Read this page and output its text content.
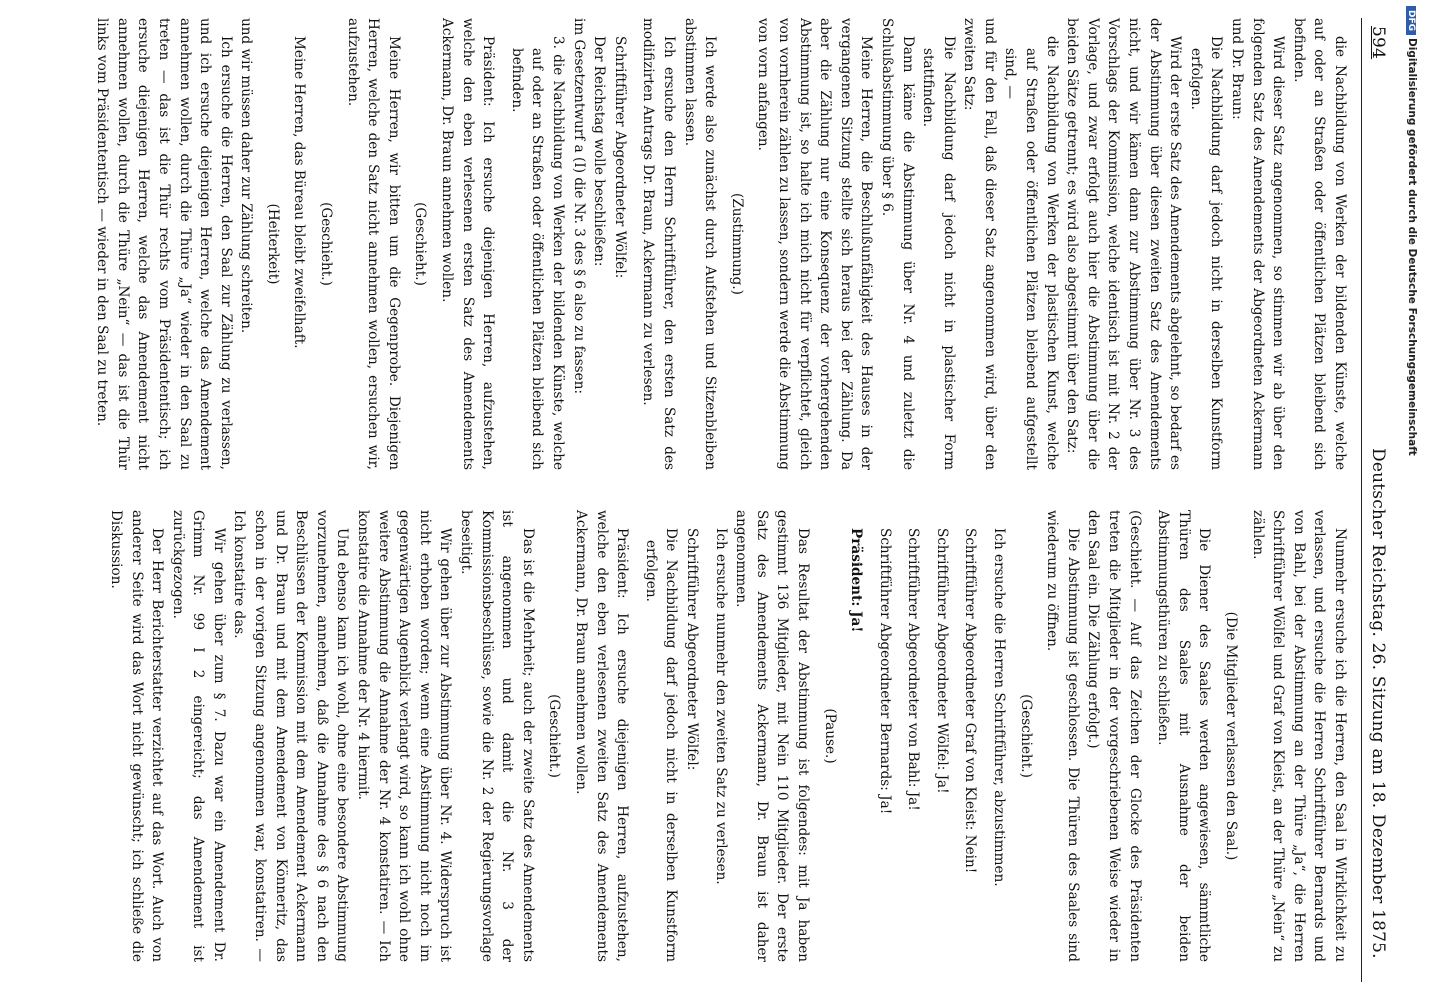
594
Deutscher Reichstag. 26. Sitzung am 18. Dezember 1875.

die Nachbildung von Werken der bildenden Künste, welche auf oder an Straßen oder öffentlichen Plätzen bleibend sich befinden.

Wird dieser Satz angenommen, so stimmen wir ab über den folgenden Satz des Amendements der Abgeordneten Ackermann und Dr. Braun:

Die Nachbildung darf jedoch nicht in derselben Kunstform erfolgen.

Wird der erste Satz des Amendements abgelehnt, so bedarf es der Abstimmung über diesen zweiten Satz des Amendements nicht, und wir kämen dann zur Abstimmung über Nr. 3 des Vorschlags der Kommission, welche identisch ist mit Nr. 2 der Vorlage, und zwar erfolgt auch hier die Abstimmung über die beiden Sätze getrennt; es wird also abgestimmt über den Satz:

die Nachbildung von Werken der plastischen Kunst, welche auf Straßen oder öffentlichen Plätzen bleibend aufgestellt sind, —

und für den Fall, daß dieser Satz angenommen wird, über den zweiten Satz:

Die Nachbildung darf jedoch nicht in plastischer Form stattfinden.

Dann käme die Abstimmung über Nr. 4 und zuletzt die Schlußabstimmung über § 6.

Meine Herren, die Beschlußunfähigkeit des Hauses in der vergangenen Sitzung stellte sich heraus bei der Zählung. Da aber die Zählung nur eine Konsequenz der vorhergehenden Abstimmung ist, so halte ich mich nicht für verpflichtet, gleich von vornherein zählen zu lassen, sondern werde die Abstimmung von vorn anfangen.

(Zustimmung.)

Ich werde also zunächst durch Aufstehen und Sitzenbleiben abstimmen lassen.

Ich ersuche den Herrn Schriftführer, den ersten Satz des modifizirten Antrags Dr. Braun, Ackermann zu verlesen.

Schriftführer Abgeordneter Wölfel:

Der Reichstag wolle beschließen:

im Gesetzentwurf a (I) die Nr. 3 des § 6 also zu fassen:

3. die Nachbildung von Werken der bildenden Künste, welche auf oder an Straßen oder öffentlichen Plätzen bleibend sich befinden.

Präsident: Ich ersuche diejenigen Herren, aufzustehen, welche den eben verlesenen ersten Satz des Amendements Ackermann, Dr. Braun annehmen wollen.

(Geschieht.)

Meine Herren, wir bitten um die Gegenprobe. Diejenigen Herren, welche den Satz nicht annehmen wollen, ersuchen wir, aufzustehen.

(Geschieht.)

Meine Herren, das Büreau bleibt zweifelhaft.

(Heiterkeit)

und wir müssen daher zur Zählung schreiten.

Ich ersuche die Herren, den Saal zur Zählung zu verlassen, und ich ersuche diejenigen Herren, welche das Amendement annehmen wollen, durch die Thüre „Ja“ wieder in den Saal zu treten — das ist die Thür rechts vom Präsidententisch; ich ersuche diejenigen Herren, welche das Amendement nicht annehmen wollen, durch die Thüre „Nein“ — das ist die Thür links vom Präsidententisch — wieder in den Saal zu treten.

Nunmehr ersuche ich die Herren, den Saal in Wirklichkeit zu verlassen, und ersuche die Herren Schriftführer Bernards und von Bahl, bei der Abstimmung an der Thüre „Ja“, die Herren Schriftführer Wölfel und Graf von Kleist, an der Thüre „Nein“ zu zählen.

(Die Mitglieder verlassen den Saal.)

Die Diener des Saales werden angewiesen, sämmtliche Thüren des Saales mit Ausnahme der beiden Abstimmungsthüren zu schließen.

(Geschieht. — Auf das Zeichen der Glocke des Präsidenten treten die Mitglieder in der vorgeschriebenen Weise wieder in den Saal ein. Die Zählung erfolgt.)

Die Abstimmung ist geschlossen. Die Thüren des Saales sind wiederum zu öffnen.

(Geschieht.)

Ich ersuche die Herren Schriftführer, abzustimmen.

Schriftführer Abgeordneter Graf von Kleist: Nein!

Schriftführer Abgeordneter Wölfel: Ja!

Schriftführer Abgeordneter von Bahl: Ja!

Schriftführer Abgeordneter Bernards: Ja!

Präsident: Ja!

(Pause.)

Das Resultat der Abstimmung ist folgendes: mit Ja haben gestimmt 136 Mitglieder, mit Nein 110 Mitglieder. Der erste Satz des Amendements Ackermann, Dr. Braun ist daher angenommen.

Ich ersuche nunmehr den zweiten Satz zu verlesen.

Schriftführer Abgeordneter Wölfel:

Die Nachbildung darf jedoch nicht in derselben Kunstform erfolgen.

Präsident: Ich ersuche diejenigen Herren, aufzustehen, welche den eben verlesenen zweiten Satz des Amendements Ackermann, Dr. Braun annehmen wollen.

(Geschieht.)

Das ist die Mehrheit; auch der zweite Satz des Amendements ist angenommen und damit die Nr. 3 der Kommissionsbeschlüsse, sowie die Nr. 2 der Regierungsvorlage beseitigt.

Wir gehen über zur Abstimmung über Nr. 4. Widerspruch ist nicht erhoben worden; wenn eine Abstimmung nicht noch im gegenwärtigen Augenblick verlangt wird, so kann ich wohl ohne weitere Abstimmung die Annahme der Nr. 4 konstatiren. — Ich konstatire die Annahme der Nr. 4 hiermit.

Und ebenso kann ich wohl, ohne eine besondere Abstimmung vorzunehmen, annehmen, daß die Annahme des § 6 nach den Beschlüssen der Kommission mit dem Amendement Ackermann und Dr. Braun und mit dem Amendement von Könneritz, das schon in der vorigen Sitzung angenommen war, konstatiren. — Ich konstatire das.

Wir gehen über zum § 7. Dazu war ein Amendement Dr. Grimm Nr. 99 I 2 eingereicht; das Amendement ist zurückgezogen.

Der Herr Berichterstatter verzichtet auf das Wort. Auch von anderer Seite wird das Wort nicht gewünscht; ich schließe die Diskussion.

DFGDigitalisierung gefördert durch die Deutsche Forschungsgemeinschaft
